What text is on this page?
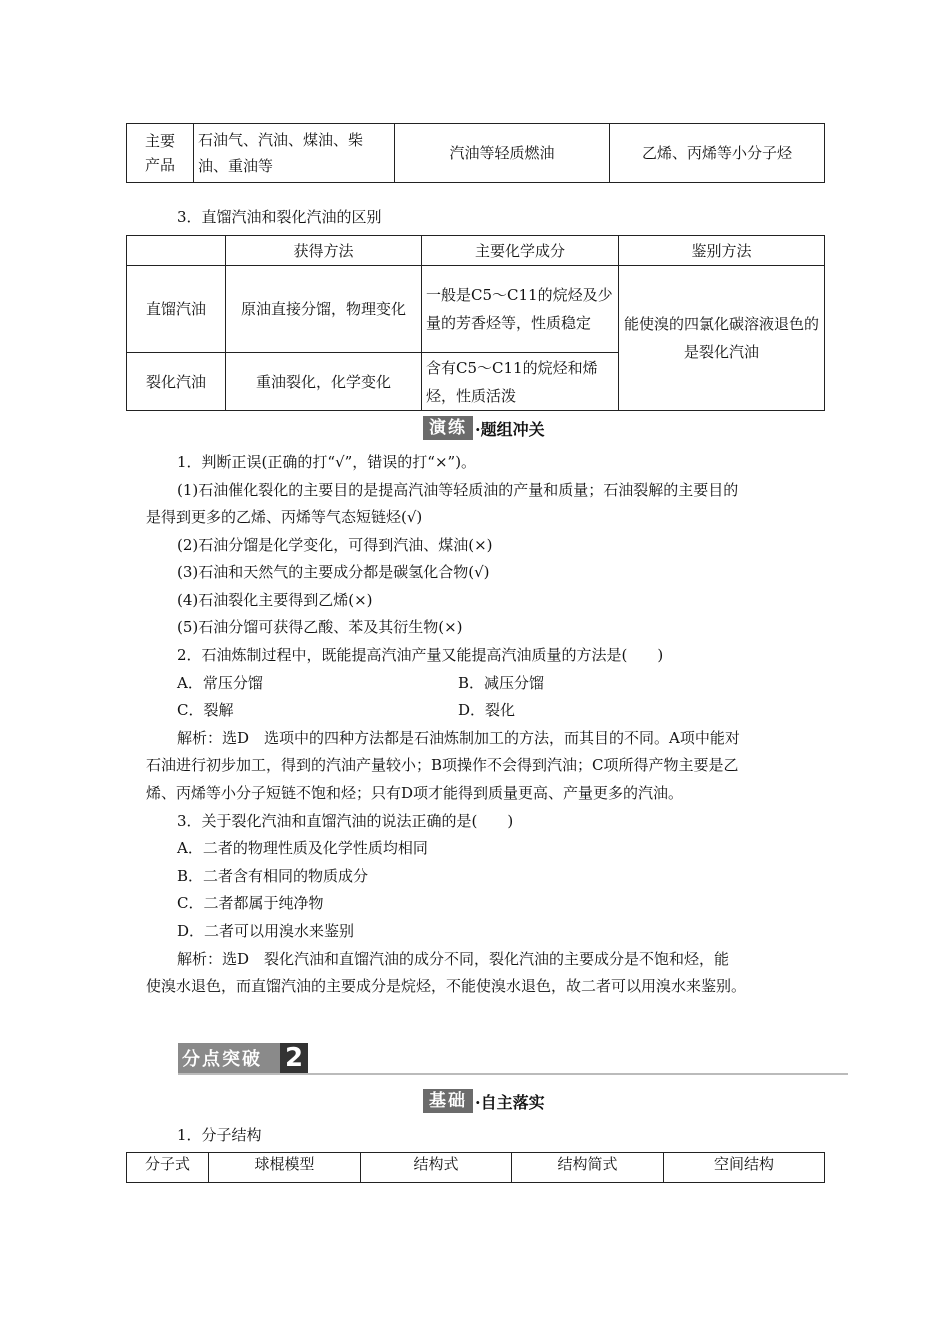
主要产品	石油气、汽油、煤油、柴油、重油等	汽油等轻质燃油	乙烯、丙烯等小分子烃
3．直馏汽油和裂化汽油的区别
	获得方法	主要化学成分	鉴别方法
直馏汽油	原油直接分馏，物理变化	一般是C5～C11的烷烃及少量的芳香烃等，性质稳定	能使溴的四氯化碳溶液退色的是裂化汽油
裂化汽油	重油裂化，化学变化	含有C5～C11的烷烃和烯烃，性质活泼	
演练 ·题组冲关
1．判断正误(正确的打“√”，错误的打“×”)。
(1)石油催化裂化的主要目的是提高汽油等轻质油的产量和质量；石油裂解的主要目的
是得到更多的乙烯、丙烯等气态短链烃(√)
(2)石油分馏是化学变化，可得到汽油、煤油(×)
(3)石油和天然气的主要成分都是碳氢化合物(√)
(4)石油裂化主要得到乙烯(×)
(5)石油分馏可获得乙酸、苯及其衍生物(×)
2．石油炼制过程中，既能提高汽油产量又能提高汽油质量的方法是(　　)
A．常压分馏	B．减压分馏
C．裂解	D．裂化
解析：选D　选项中的四种方法都是石油炼制加工的方法，而其目的不同。A项中能对
石油进行初步加工，得到的汽油产量较小；B项操作不会得到汽油；C项所得产物主要是乙
烯、丙烯等小分子短链不饱和烃；只有D项才能得到质量更高、产量更多的汽油。
3．关于裂化汽油和直馏汽油的说法正确的是(　　)
A．二者的物理性质及化学性质均相同
B．二者含有相同的物质成分
C．二者都属于纯净物
D．二者可以用溴水来鉴别
解析：选D　裂化汽油和直馏汽油的成分不同，裂化汽油的主要成分是不饱和烃，能
使溴水退色，而直馏汽油的主要成分是烷烃，不能使溴水退色，故二者可以用溴水来鉴别。
分点突破 2
基础 ·自主落实
1．分子结构
分子式	球棍模型	结构式	结构简式	空间结构
